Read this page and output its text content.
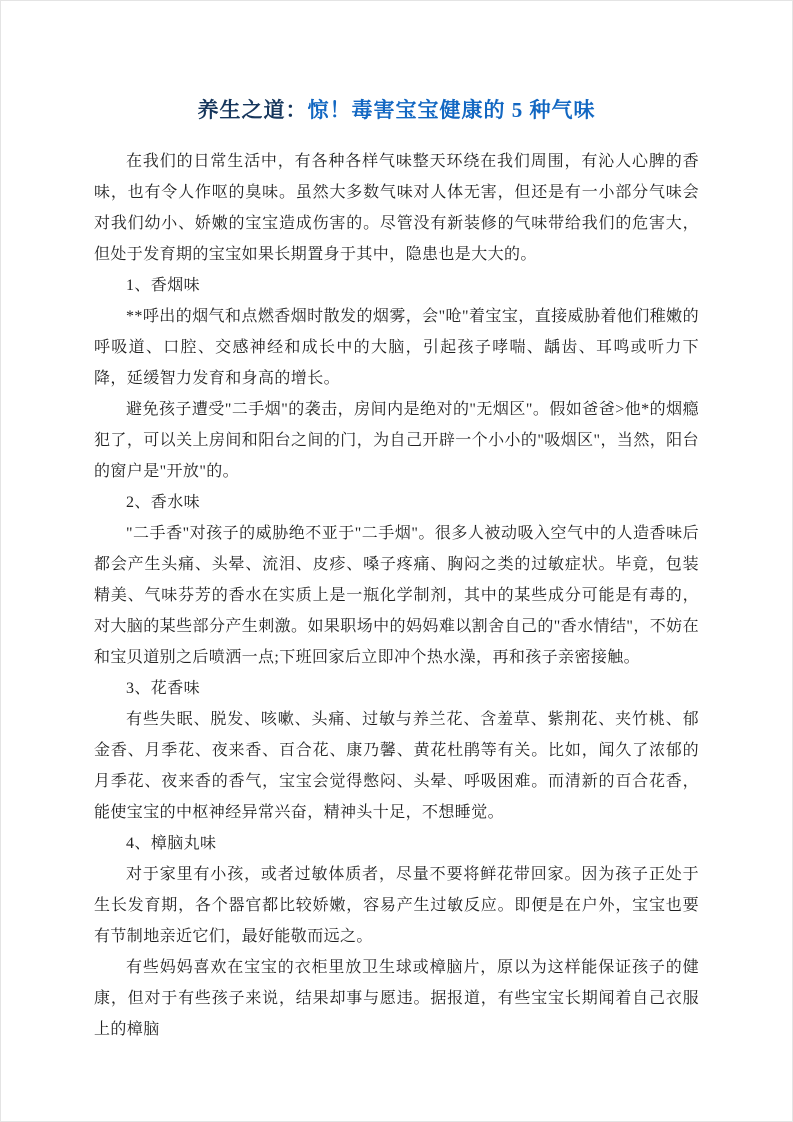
养生之道：惊！毒害宝宝健康的 5 种气味

在我们的日常生活中，有各种各样气味整天环绕在我们周围，有沁人心脾的香味，也有令人作呕的臭味。虽然大多数气味对人体无害，但还是有一小部分气味会对我们幼小、娇嫩的宝宝造成伤害的。尽管没有新装修的气味带给我们的危害大，但处于发育期的宝宝如果长期置身于其中，隐患也是大大的。

1、香烟味

**呼出的烟气和点燃香烟时散发的烟雾，会"呛"着宝宝，直接威胁着他们稚嫩的呼吸道、口腔、交感神经和成长中的大脑，引起孩子哮喘、龋齿、耳鸣或听力下降，延缓智力发育和身高的增长。

避免孩子遭受"二手烟"的袭击，房间内是绝对的"无烟区"。假如爸爸>他*的烟瘾犯了，可以关上房间和阳台之间的门，为自己开辟一个小小的"吸烟区"，当然，阳台的窗户是"开放"的。

2、香水味

"二手香"对孩子的威胁绝不亚于"二手烟"。很多人被动吸入空气中的人造香味后都会产生头痛、头晕、流泪、皮疹、嗓子疼痛、胸闷之类的过敏症状。毕竟，包装精美、气味芬芳的香水在实质上是一瓶化学制剂，其中的某些成分可能是有毒的，对大脑的某些部分产生刺激。如果职场中的妈妈难以割舍自己的"香水情结"，不妨在和宝贝道别之后喷洒一点;下班回家后立即冲个热水澡，再和孩子亲密接触。

3、花香味

有些失眠、脱发、咳嗽、头痛、过敏与养兰花、含羞草、紫荆花、夹竹桃、郁金香、月季花、夜来香、百合花、康乃馨、黄花杜鹃等有关。比如，闻久了浓郁的月季花、夜来香的香气，宝宝会觉得憋闷、头晕、呼吸困难。而清新的百合花香，能使宝宝的中枢神经异常兴奋，精神头十足，不想睡觉。

4、樟脑丸味

对于家里有小孩，或者过敏体质者，尽量不要将鲜花带回家。因为孩子正处于生长发育期，各个器官都比较娇嫩，容易产生过敏反应。即便是在户外，宝宝也要有节制地亲近它们，最好能敬而远之。

有些妈妈喜欢在宝宝的衣柜里放卫生球或樟脑片，原以为这样能保证孩子的健康，但对于有些孩子来说，结果却事与愿违。据报道，有些宝宝长期闻着自己衣服上的樟脑
